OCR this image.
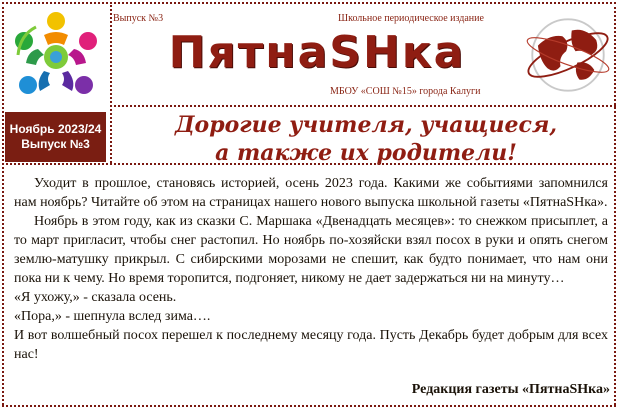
Ноябрь 2023/24
Выпуск №3
Выпуск №3	Школьное периодическое издание
ПятнаSHка
МБОУ «СОШ №15» города Калуги
Дорогие учителя, учащиеся,
а также их родители!

Уходит в прошлое, становясь историей, осень 2023 года. Какими же событиями запомнился нам ноябрь? Читайте об этом на страницах нашего нового выпуска школьной газеты «ПятнаSHка».

Ноябрь в этом году, как из сказки С. Маршака «Двенадцать месяцев»: то снежком присыплет, а то март пригласит, чтобы снег растопил. Но ноябрь по-хозяйски взял посох в руки и опять снегом землю-матушку прикрыл. С сибирскими морозами не спешит, как будто понимает, что нам они пока ни к чему. Но время торопится, подгоняет, никому не дает задержаться ни на минуту…

«Я ухожу,» - сказала осень.

«Пора,» - шепнула вслед зима….

И вот волшебный посох перешел к последнему месяцу года. Пусть Декабрь будет добрым для всех нас!

Редакция газеты «ПятнаSHка»
